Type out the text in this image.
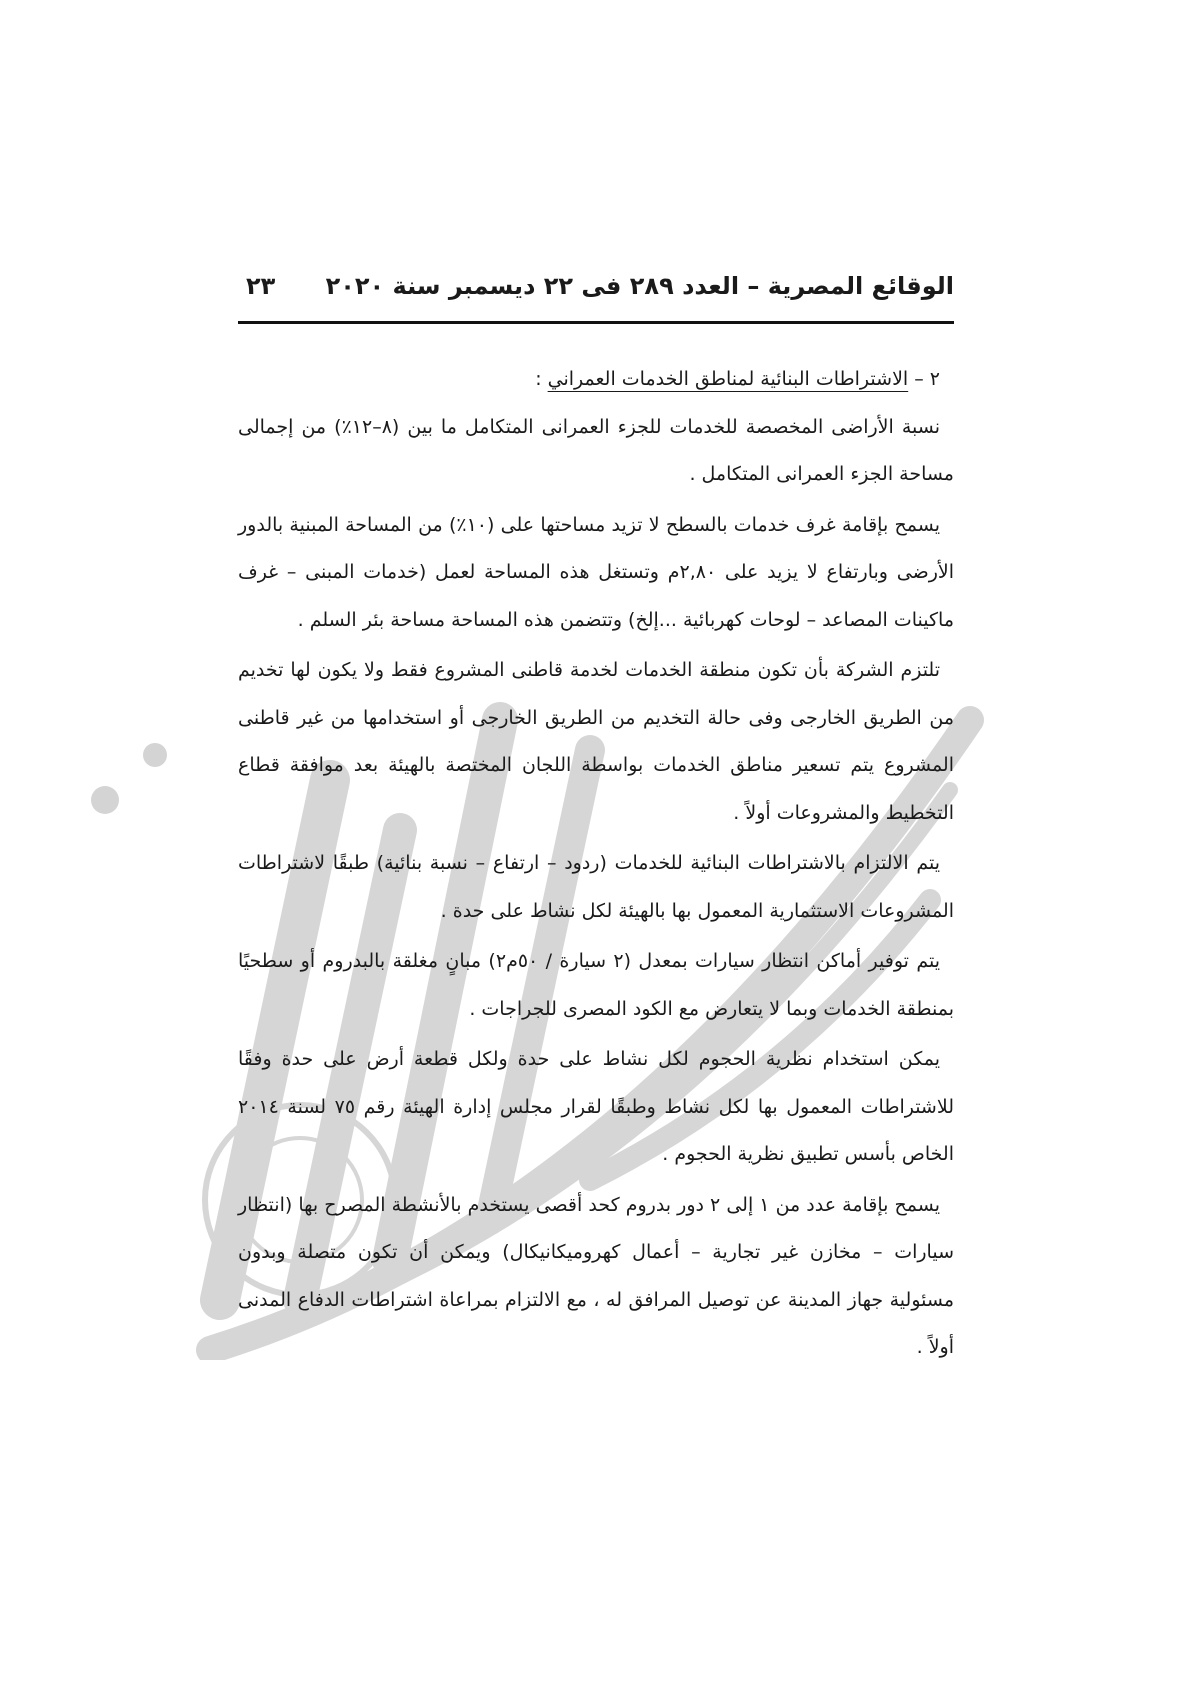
الوقائع المصرية – العدد ٢٨٩ فى ٢٢ ديسمبر سنة ٢٠٢٠
٢٣

٢ – الاشتراطات البنائية لمناطق الخدمات العمراني :

نسبة الأراضى المخصصة للخدمات للجزء العمرانى المتكامل ما بين (٨–١٢٪) من إجمالى مساحة الجزء العمرانى المتكامل .

يسمح بإقامة غرف خدمات بالسطح لا تزيد مساحتها على (١٠٪) من المساحة المبنية بالدور الأرضى وبارتفاع لا يزيد على ٢,٨٠م وتستغل هذه المساحة لعمل (خدمات المبنى – غرف ماكينات المصاعد – لوحات كهربائية ...إلخ) وتتضمن هذه المساحة مساحة بئر السلم .

تلتزم الشركة بأن تكون منطقة الخدمات لخدمة قاطنى المشروع فقط ولا يكون لها تخديم من الطريق الخارجى وفى حالة التخديم من الطريق الخارجى أو استخدامها من غير قاطنى المشروع يتم تسعير مناطق الخدمات بواسطة اللجان المختصة بالهيئة بعد موافقة قطاع التخطيط والمشروعات أولاً .

يتم الالتزام بالاشتراطات البنائية للخدمات (ردود – ارتفاع – نسبة بنائية) طبقًا لاشتراطات المشروعات الاستثمارية المعمول بها بالهيئة لكل نشاط على حدة .

يتم توفير أماكن انتظار سيارات بمعدل (٢ سيارة / ٥٠م٢) مبانٍ مغلقة بالبدروم أو سطحيًا بمنطقة الخدمات وبما لا يتعارض مع الكود المصرى للجراجات .

يمكن استخدام نظرية الحجوم لكل نشاط على حدة ولكل قطعة أرض على حدة وفقًا للاشتراطات المعمول بها لكل نشاط وطبقًا لقرار مجلس إدارة الهيئة رقم ٧٥ لسنة ٢٠١٤ الخاص بأسس تطبيق نظرية الحجوم .

يسمح بإقامة عدد من ١ إلى ٢ دور بدروم كحد أقصى يستخدم بالأنشطة المصرح بها (انتظار سيارات – مخازن غير تجارية – أعمال كهروميكانيكال) ويمكن أن تكون متصلة وبدون مسئولية جهاز المدينة عن توصيل المرافق له ، مع الالتزام بمراعاة اشتراطات الدفاع المدنى أولاً .
